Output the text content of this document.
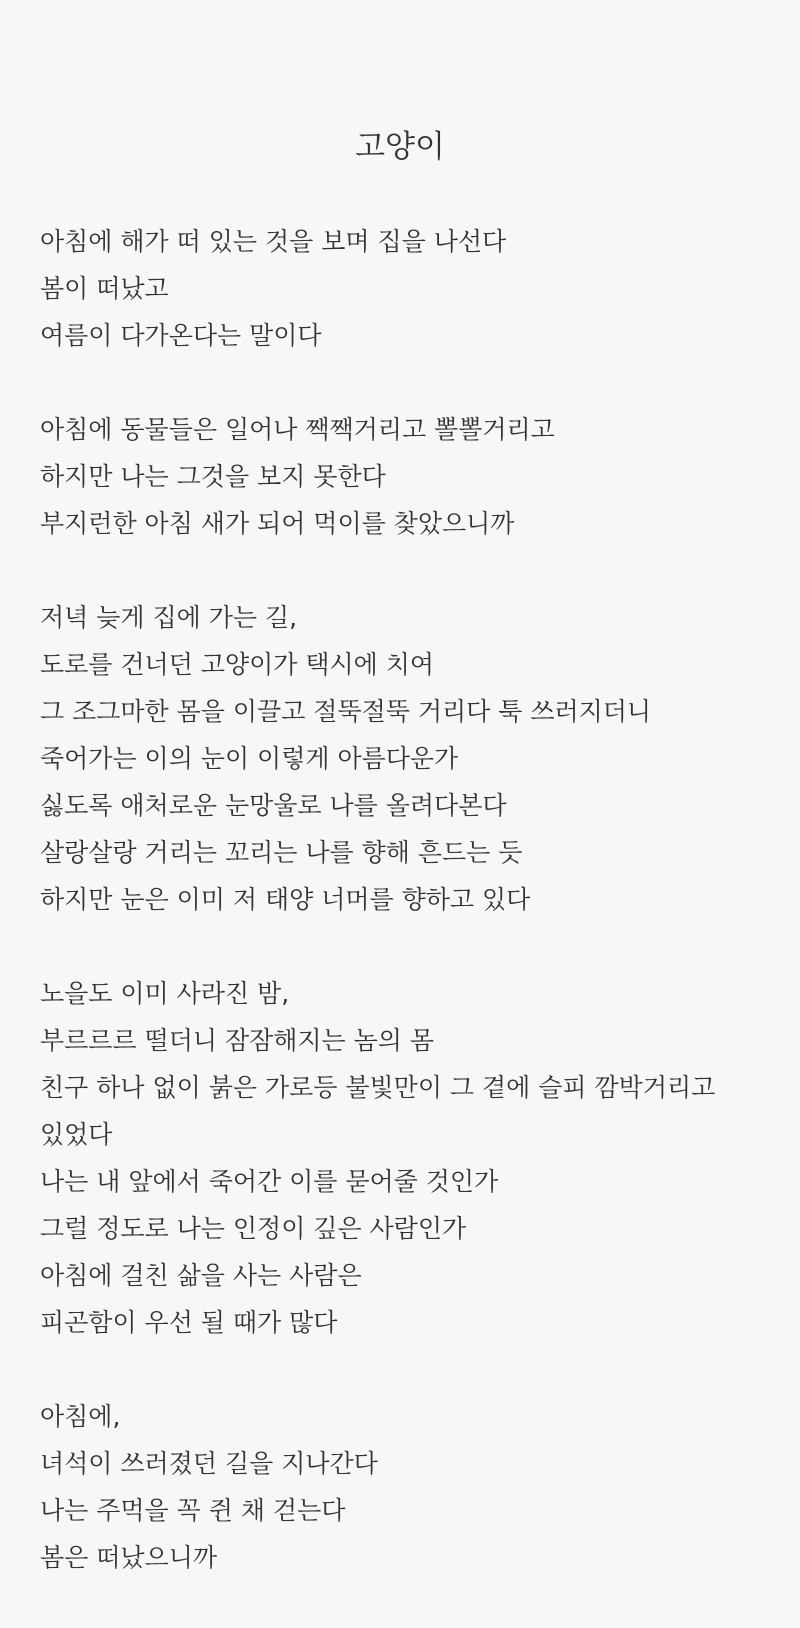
고양이
아침에 해가 떠 있는 것을 보며 집을 나선다
봄이 떠났고
여름이 다가온다는 말이다
아침에 동물들은 일어나 짹짹거리고 뽈뽈거리고
하지만 나는 그것을 보지 못한다
부지런한 아침 새가 되어 먹이를 찾았으니까
저녁 늦게 집에 가는 길,
도로를 건너던 고양이가 택시에 치여
그 조그마한 몸을 이끌고 절뚝절뚝 거리다 툭 쓰러지더니
죽어가는 이의 눈이 이렇게 아름다운가
싫도록 애처로운 눈망울로 나를 올려다본다
살랑살랑 거리는 꼬리는 나를 향해 흔드는 듯
하지만 눈은 이미 저 태양 너머를 향하고 있다
노을도 이미 사라진 밤,
부르르르 떨더니 잠잠해지는 놈의 몸
친구 하나 없이 붉은 가로등 불빛만이 그 곁에 슬피 깜박거리고
있었다
나는 내 앞에서 죽어간 이를 묻어줄 것인가
그럴 정도로 나는 인정이 깊은 사람인가
아침에 걸친 삶을 사는 사람은
피곤함이 우선 될 때가 많다
아침에,
녀석이 쓰러졌던 길을 지나간다
나는 주먹을 꼭 쥔 채 걷는다
봄은 떠났으니까
